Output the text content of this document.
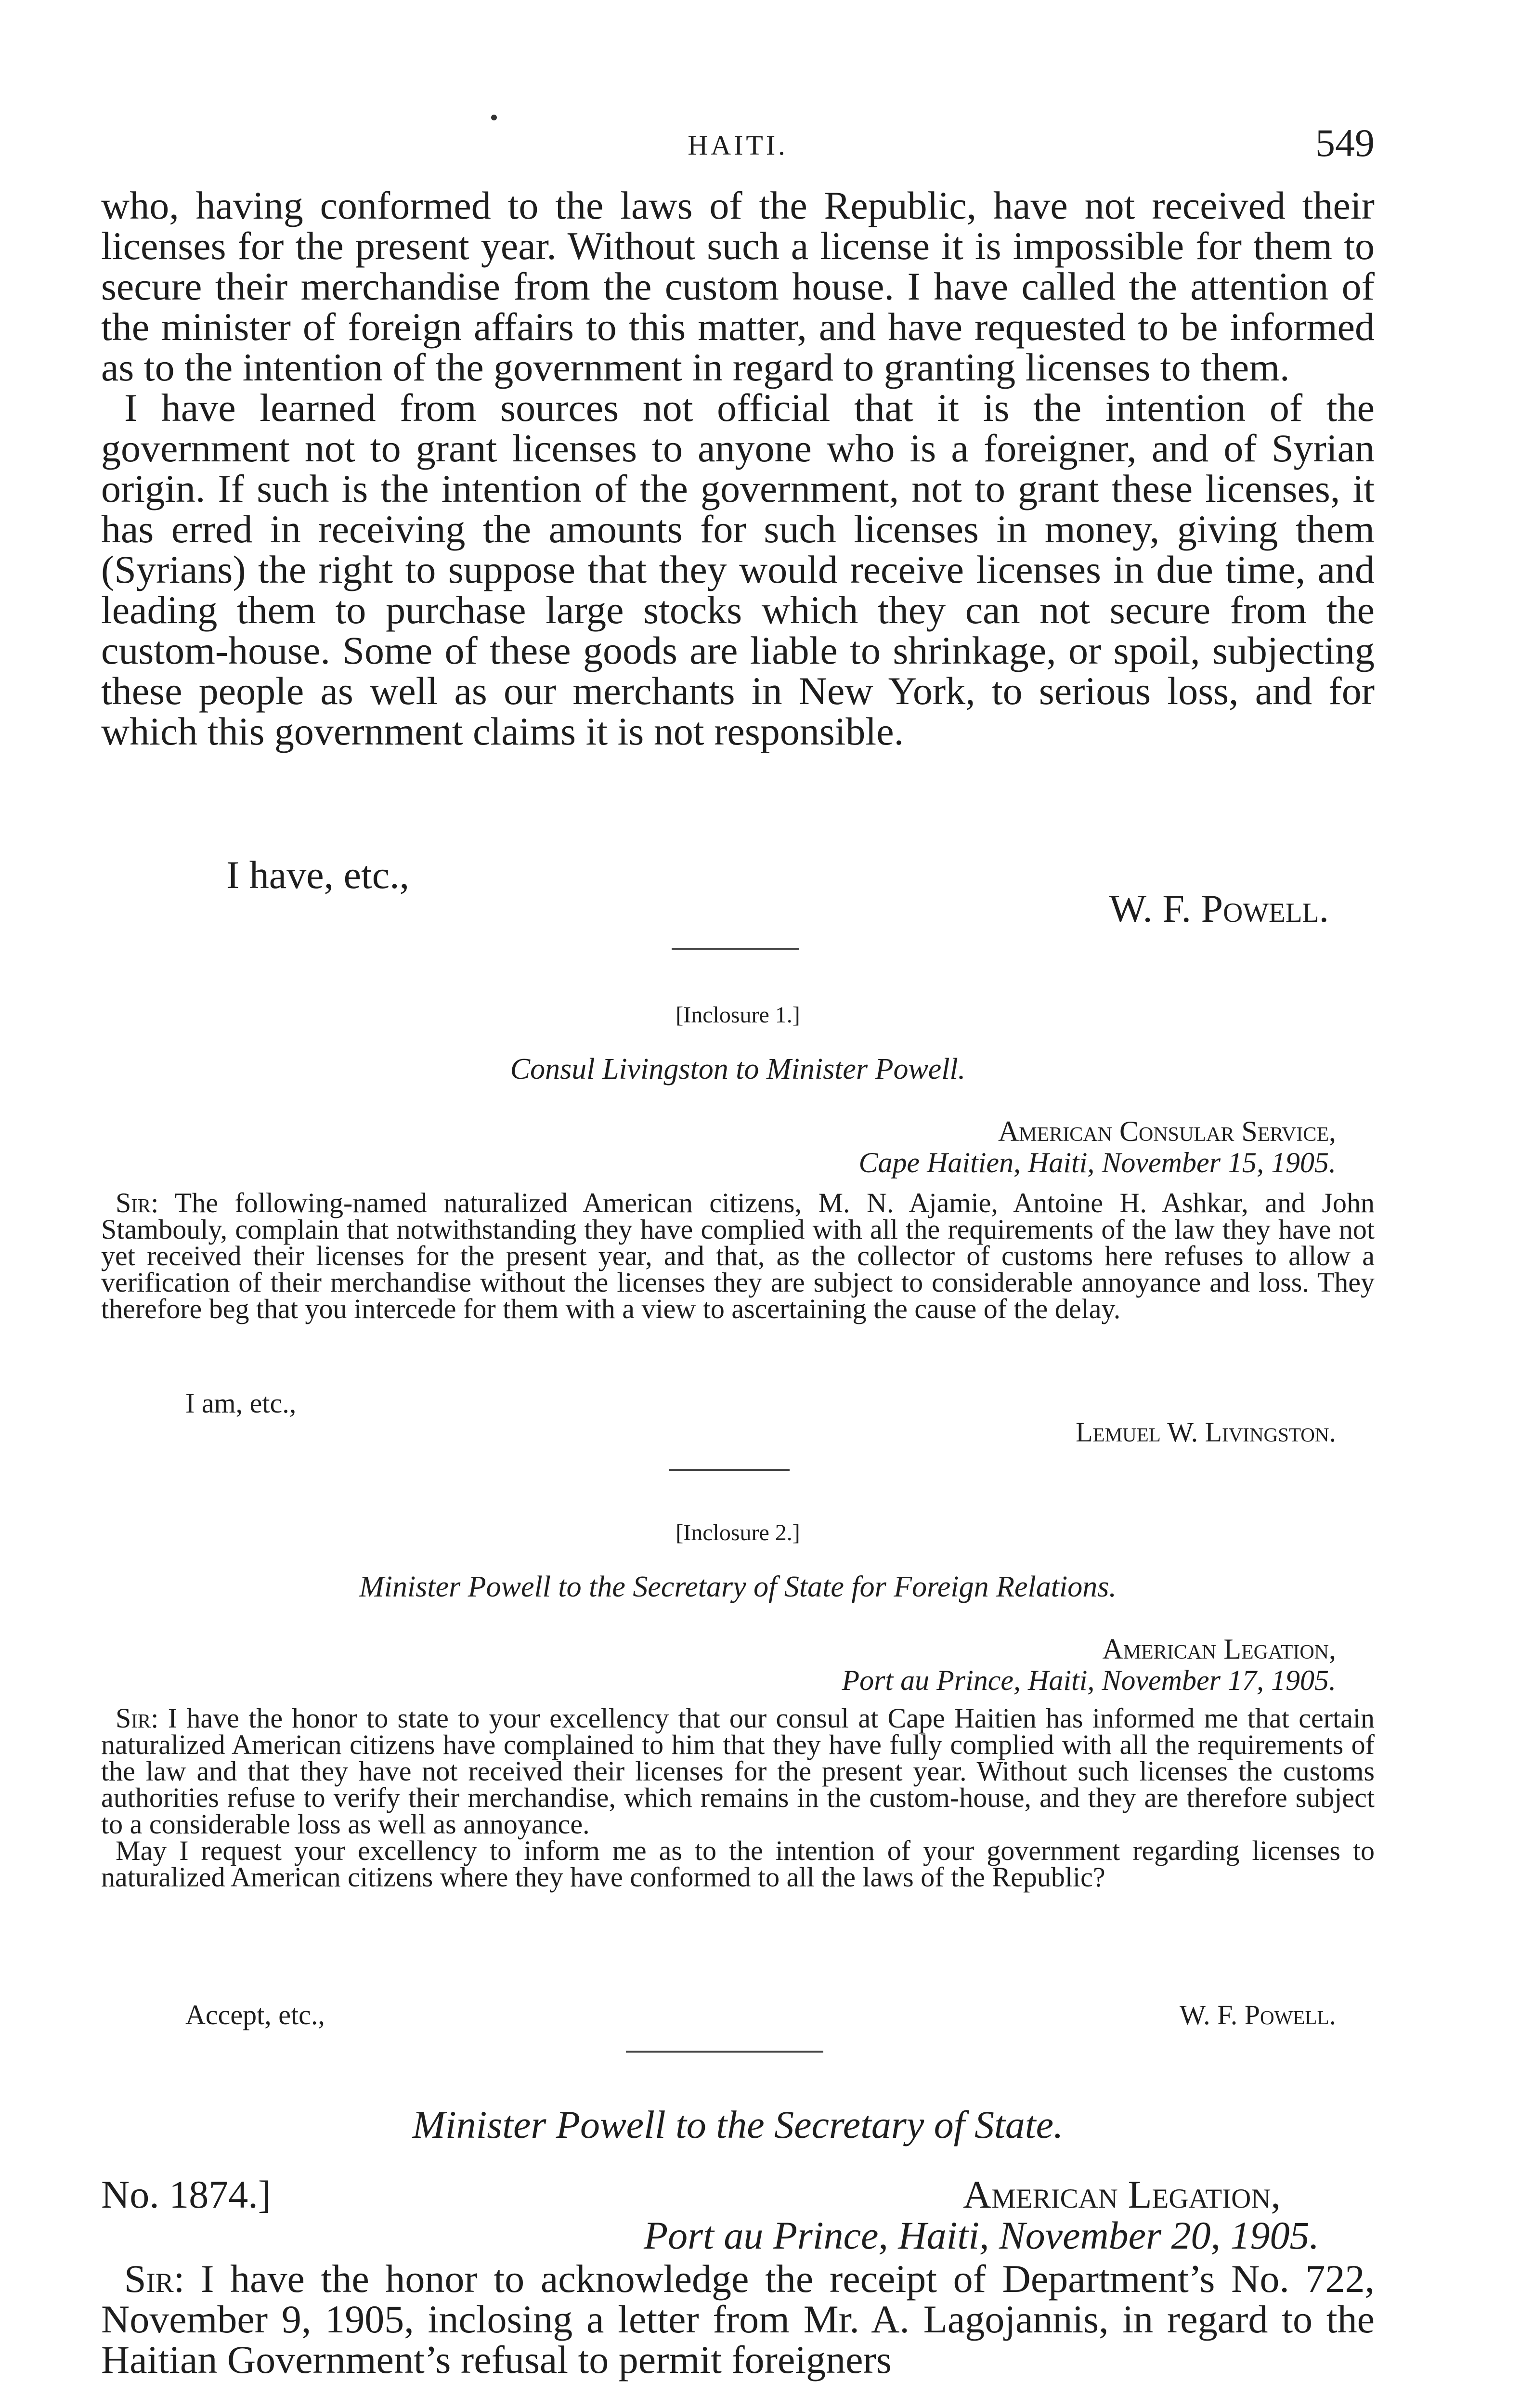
HAITI.	549

who, having conformed to the laws of the Republic, have not received their licenses for the present year. Without such a license it is impossible for them to secure their merchandise from the custom house. I have called the attention of the minister of foreign affairs to this matter, and have requested to be informed as to the intention of the government in regard to granting licenses to them.

I have learned from sources not official that it is the intention of the government not to grant licenses to anyone who is a foreigner, and of Syrian origin. If such is the intention of the government, not to grant these licenses, it has erred in receiving the amounts for such licenses in money, giving them (Syrians) the right to suppose that they would receive licenses in due time, and leading them to purchase large stocks which they can not secure from the custom-house. Some of these goods are liable to shrinkage, or spoil, subjecting these people as well as our merchants in New York, to serious loss, and for which this government claims it is not responsible.

I have, etc.,
W. F. Powell.
[Inclosure 1.]
Consul Livingston to Minister Powell.
American Consular Service,
Cape Haitien, Haiti, November 15, 1905.

Sir: The following-named naturalized American citizens, M. N. Ajamie, Antoine H. Ashkar, and John Stambouly, complain that notwithstanding they have complied with all the requirements of the law they have not yet received their licenses for the present year, and that, as the collector of customs here refuses to allow a verification of their merchandise without the licenses they are subject to considerable annoyance and loss. They therefore beg that you intercede for them with a view to ascertaining the cause of the delay.

I am, etc.,
Lemuel W. Livingston.
[Inclosure 2.]
Minister Powell to the Secretary of State for Foreign Relations.
American Legation,
Port au Prince, Haiti, November 17, 1905.

Sir: I have the honor to state to your excellency that our consul at Cape Haitien has informed me that certain naturalized American citizens have complained to him that they have fully complied with all the requirements of the law and that they have not received their licenses for the present year. Without such licenses the customs authorities refuse to verify their merchandise, which remains in the custom-house, and they are therefore subject to a considerable loss as well as annoyance.

May I request your excellency to inform me as to the intention of your government regarding licenses to naturalized American citizens where they have conformed to all the laws of the Republic?

Accept, etc.,	W. F. Powell.
Minister Powell to the Secretary of State.
No. 1874.]	American Legation,
Port au Prince, Haiti, November 20, 1905.

Sir: I have the honor to acknowledge the receipt of Department’s No. 722, November 9, 1905, inclosing a letter from Mr. A. Lagojannis, in regard to the Haitian Government’s refusal to permit foreigners
